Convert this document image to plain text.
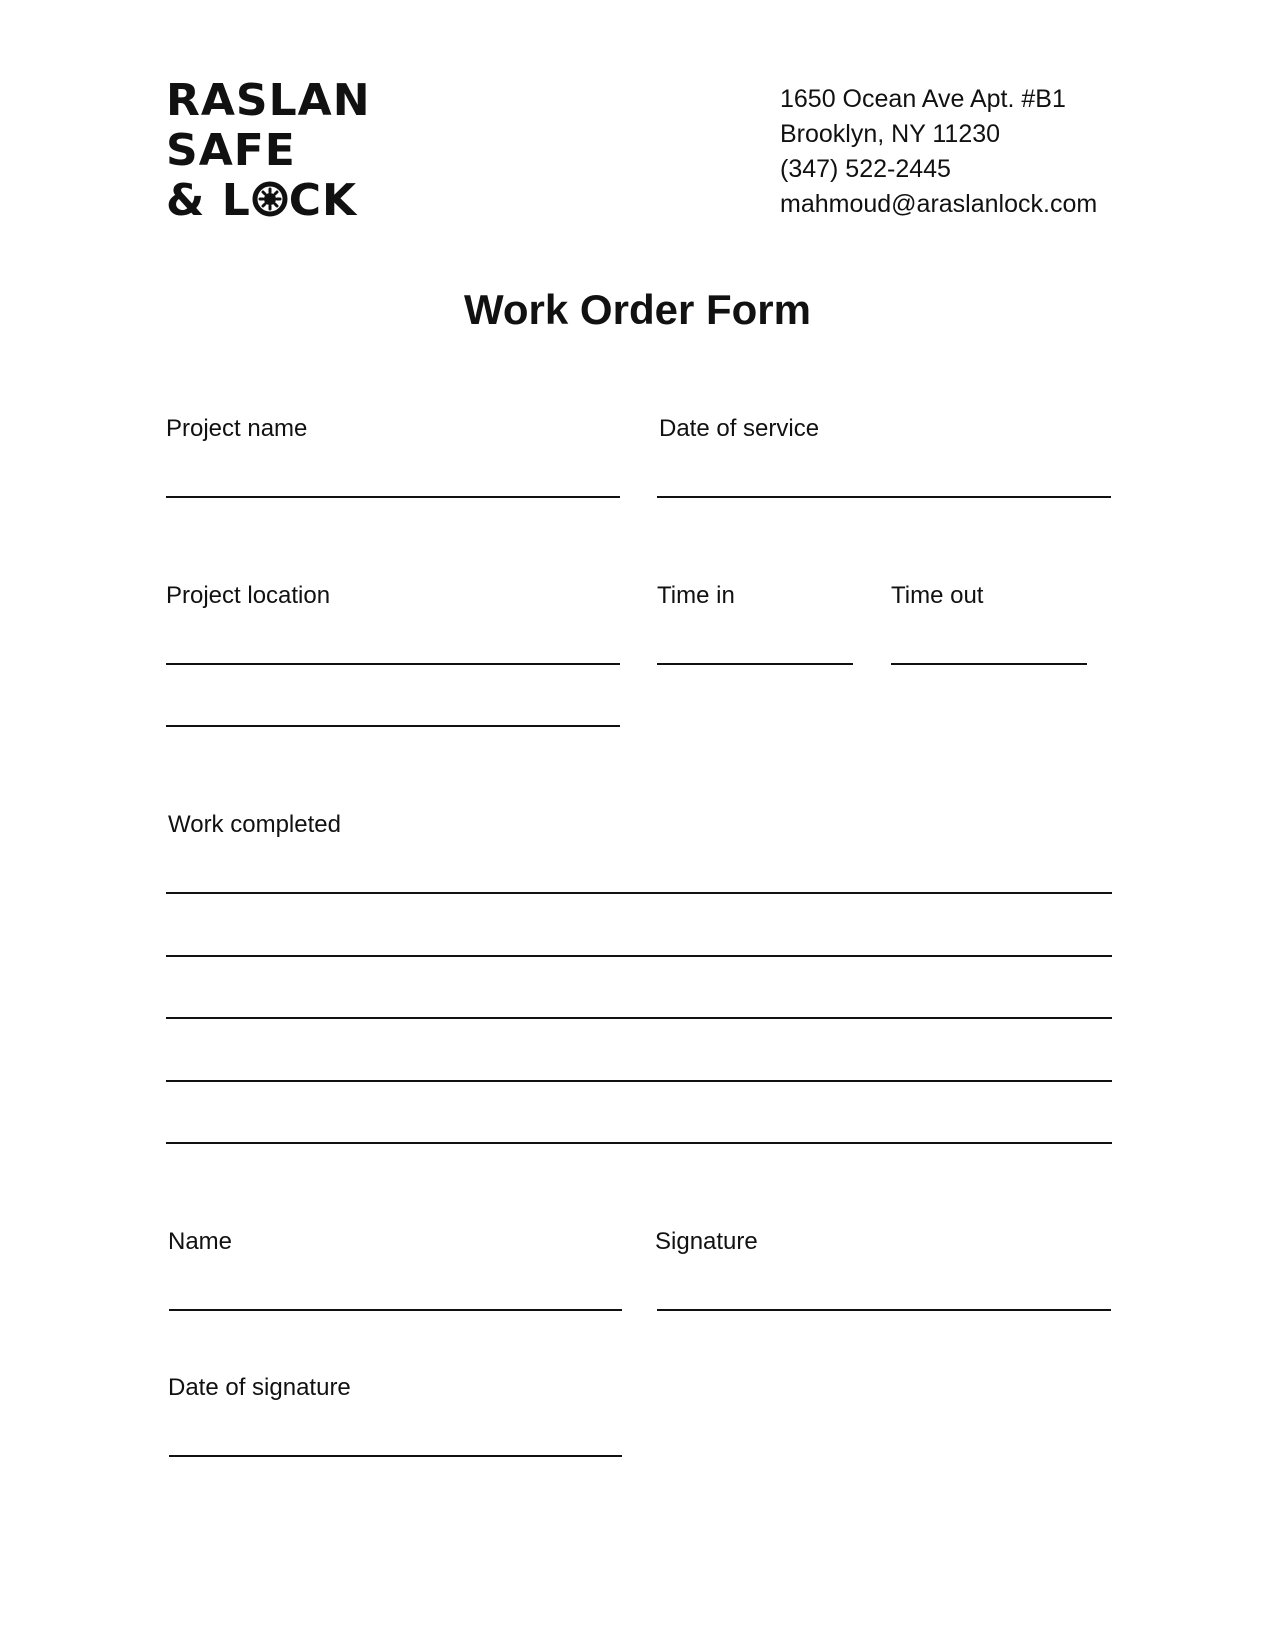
RASLAN
SAFE
& L CK
1650 Ocean Ave Apt. #B1
Brooklyn, NY 11230
(347) 522-2445
mahmoud@araslanlock.com
Work Order Form
Project name	Date of service
Project location	Time in	Time out
Work completed
Name	Signature
Date of signature
